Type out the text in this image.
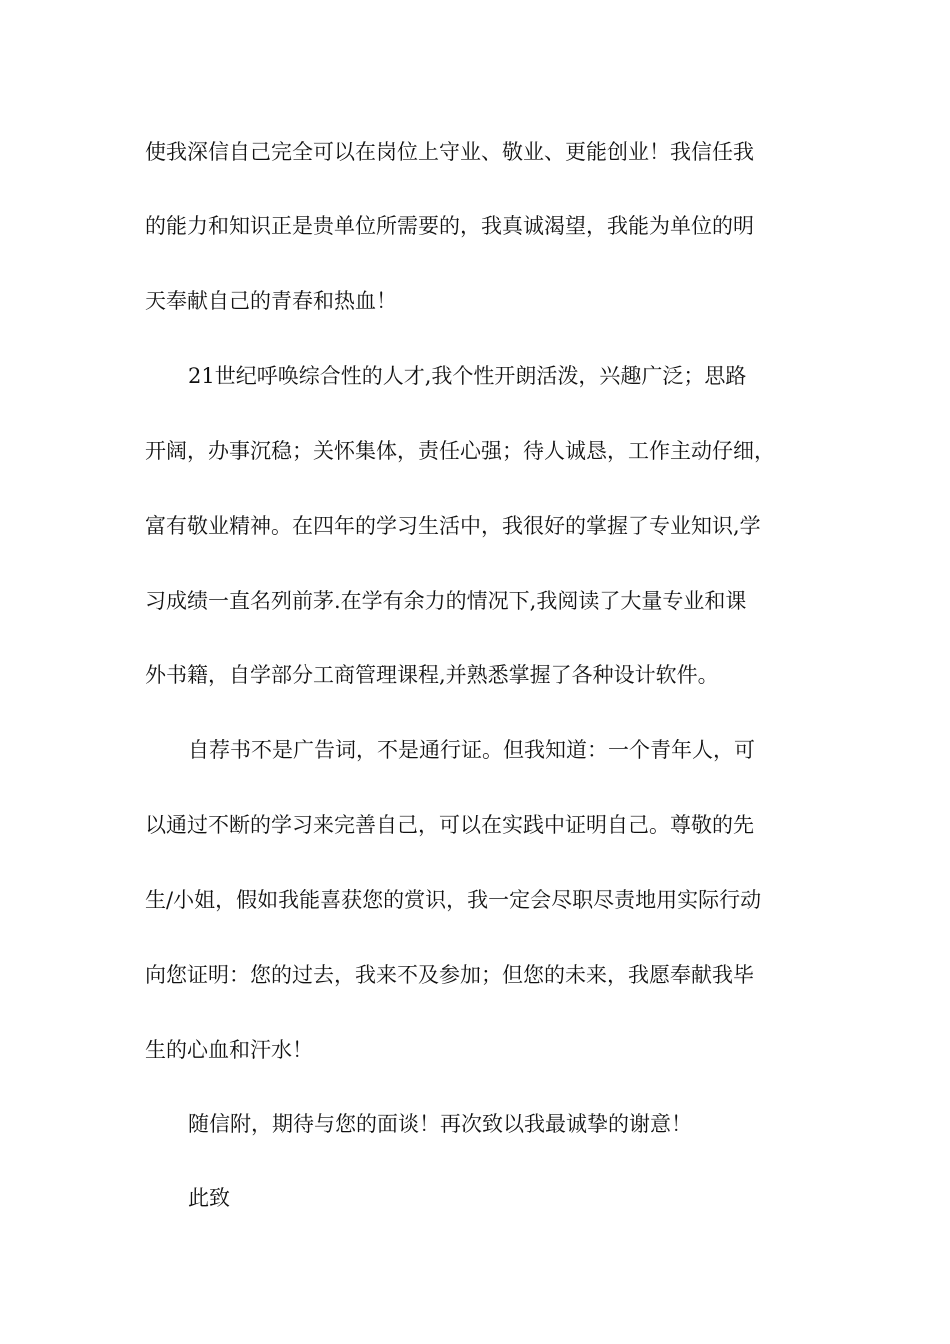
使我深信自己完全可以在岗位上守业、敬业、更能创业！我信任我
的能力和知识正是贵单位所需要的，我真诚渴望，我能为单位的明
天奉献自己的青春和热血！
21世纪呼唤综合性的人才,我个性开朗活泼，兴趣广泛；思路
开阔，办事沉稳；关怀集体，责任心强；待人诚恳，工作主动仔细，
富有敬业精神。在四年的学习生活中，我很好的掌握了专业知识,学
习成绩一直名列前茅.在学有余力的情况下,我阅读了大量专业和课
外书籍，自学部分工商管理课程,并熟悉掌握了各种设计软件。
自荐书不是广告词，不是通行证。但我知道：一个青年人，可
以通过不断的学习来完善自己，可以在实践中证明自己。尊敬的先
生/小姐，假如我能喜获您的赏识，我一定会尽职尽责地用实际行动
向您证明：您的过去，我来不及参加；但您的未来，我愿奉献我毕
生的心血和汗水！
随信附，期待与您的面谈！再次致以我最诚挚的谢意！
此致
